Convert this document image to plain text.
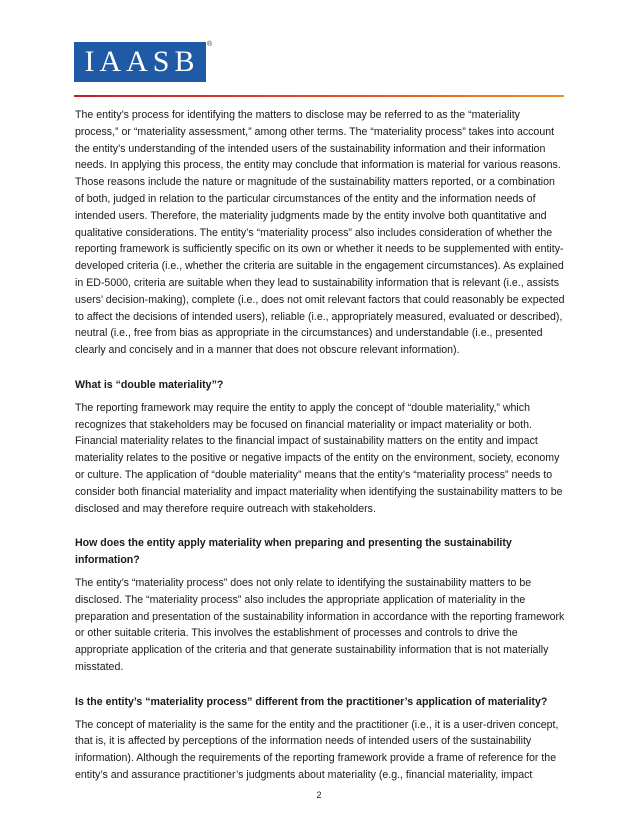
IAASB
®

The entity’s process for identifying the matters to disclose may be referred to as the “materiality process,” or “materiality assessment,” among other terms. The “materiality process” takes into account the entity’s understanding of the intended users of the sustainability information and their information needs. In applying this process, the entity may conclude that information is material for various reasons. Those reasons include the nature or magnitude of the sustainability matters reported, or a combination of both, judged in relation to the particular circumstances of the entity and the information needs of intended users. Therefore, the materiality judgments made by the entity involve both quantitative and qualitative considerations. The entity’s “materiality process” also includes consideration of whether the reporting framework is sufficiently specific on its own or whether it needs to be supplemented with entity-developed criteria (i.e., whether the criteria are suitable in the engagement circumstances). As explained in ED-5000, criteria are suitable when they lead to sustainability information that is relevant (i.e., assists users’ decision-making), complete (i.e., does not omit relevant factors that could reasonably be expected to affect the decisions of intended users), reliable (i.e., appropriately measured, evaluated or described), neutral (i.e., free from bias as appropriate in the circumstances) and understandable (i.e., presented clearly and concisely and in a manner that does not obscure relevant information).

What is “double materiality”?

The reporting framework may require the entity to apply the concept of “double materiality,” which recognizes that stakeholders may be focused on financial materiality or impact materiality or both. Financial materiality relates to the financial impact of sustainability matters on the entity and impact materiality relates to the positive or negative impacts of the entity on the environment, society, economy or culture. The application of “double materiality” means that the entity’s “materiality process” needs to consider both financial materiality and impact materiality when identifying the sustainability matters to be disclosed and may therefore require outreach with stakeholders.

How does the entity apply materiality when preparing and presenting the sustainability information?

The entity’s “materiality process” does not only relate to identifying the sustainability matters to be disclosed. The “materiality process” also includes the appropriate application of materiality in the preparation and presentation of the sustainability information in accordance with the reporting framework or other suitable criteria. This involves the establishment of processes and controls to drive the appropriate application of the criteria and that generate sustainability information that is not materially misstated.

Is the entity’s “materiality process” different from the practitioner’s application of materiality?

The concept of materiality is the same for the entity and the practitioner (i.e., it is a user-driven concept, that is, it is affected by perceptions of the information needs of intended users of the sustainability information). Although the requirements of the reporting framework provide a frame of reference for the entity’s and assurance practitioner’s judgments about materiality (e.g., financial materiality, impact

2
